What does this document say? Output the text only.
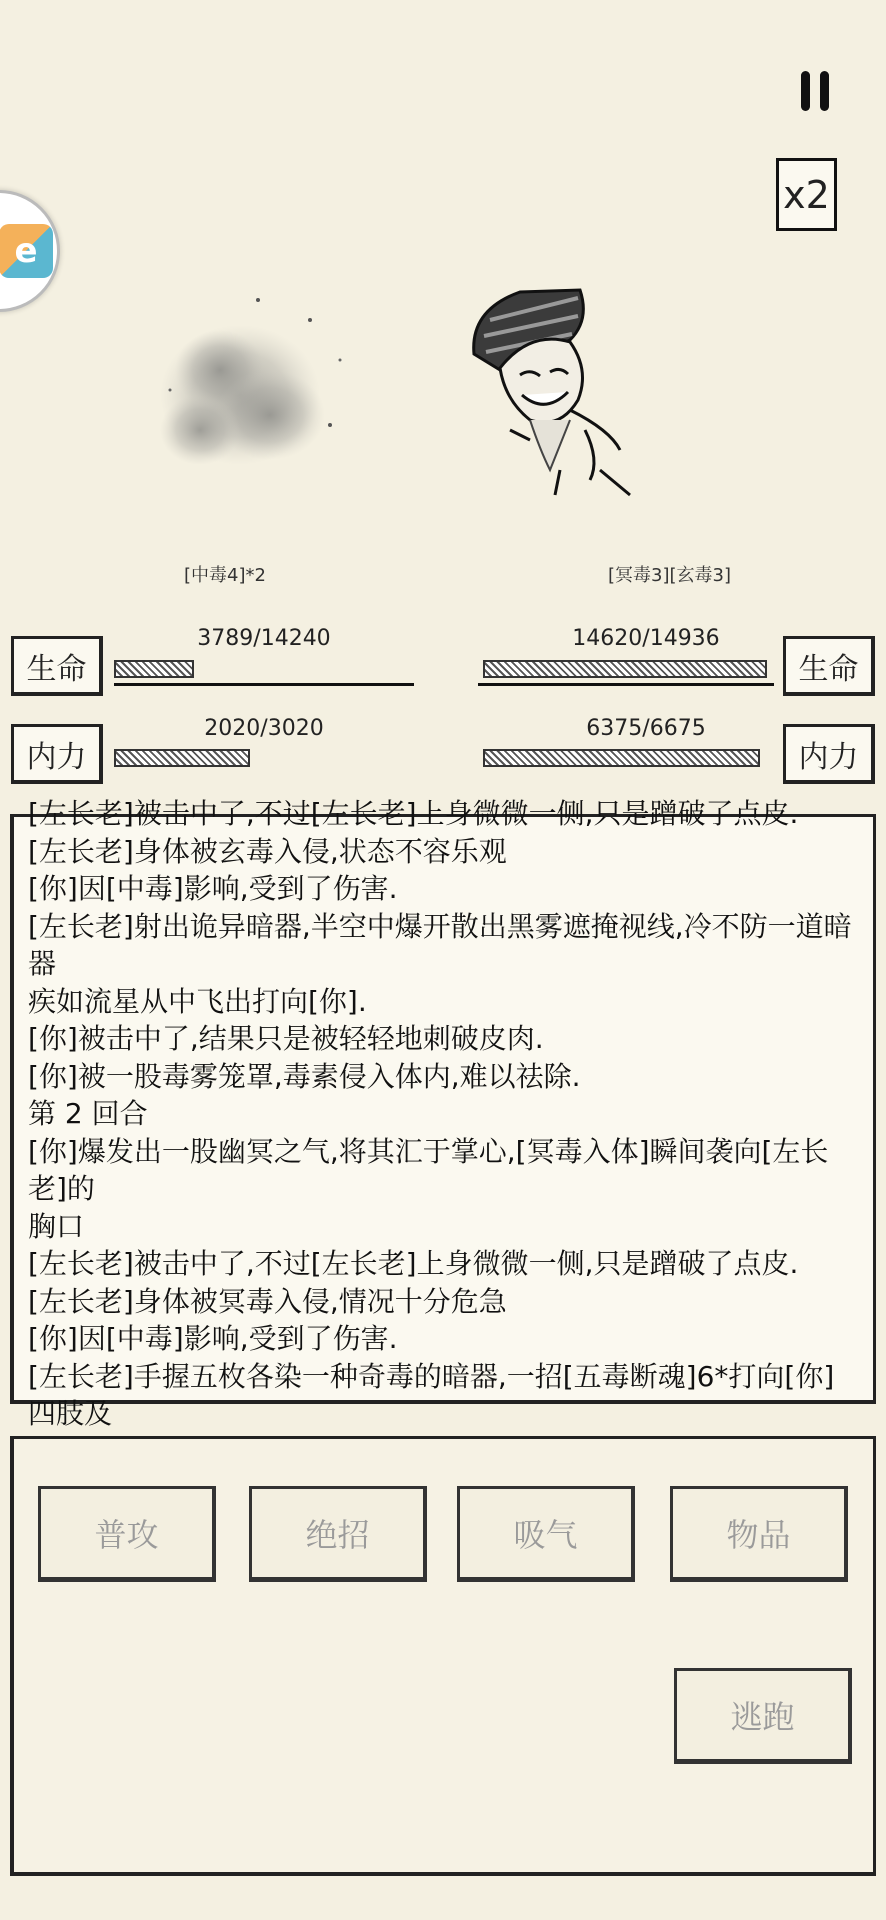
x2
e
[中毒4]*2	[冥毒3][玄毒3]
生命
内力
生命
内力
3789/14240
2020/3020
14620/14936
6375/6675
[左长老]被击中了,不过[左长老]上身微微一侧,只是蹭破了点皮.
[左长老]身体被玄毒入侵,状态不容乐观
[你]因[中毒]影响,受到了伤害.
[左长老]射出诡异暗器,半空中爆开散出黑雾遮掩视线,冷不防一道暗器
疾如流星从中飞出打向[你].
[你]被击中了,结果只是被轻轻地刺破皮肉.
[你]被一股毒雾笼罩,毒素侵入体内,难以祛除.
第 2 回合
[你]爆发出一股幽冥之气,将其汇于掌心,[冥毒入体]瞬间袭向[左长老]的
胸口
[左长老]被击中了,不过[左长老]上身微微一侧,只是蹭破了点皮.
[左长老]身体被冥毒入侵,情况十分危急
[你]因[中毒]影响,受到了伤害.
[左长老]手握五枚各染一种奇毒的暗器,一招[五毒断魂]6*打向[你]四肢及
普攻	绝招	吸气	物品
逃跑
